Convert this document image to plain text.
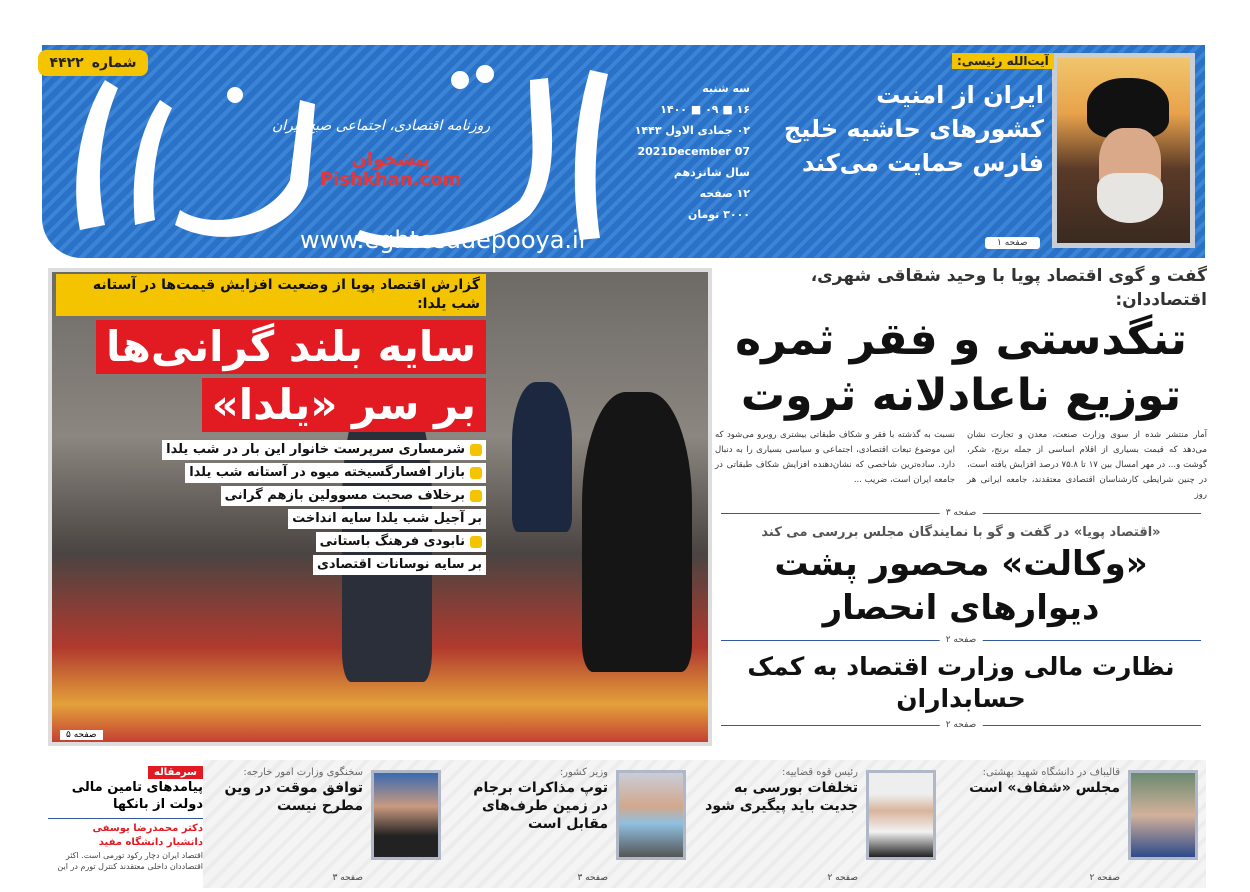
شماره
۴۴۲۲
روزنامه اقتصادی، اجتماعی صبح ایران
پیشخوان
Pishkhan.com
www.eghtesadepooya.ir
سه شنبه
۱۶ ■ ۰۹ ■ ۱۴۰۰
۰۲ جمادی الاول ۱۴۴۳
2021December 07
سال شانزدهم
۱۲ صفحه
۳۰۰۰ تومان
آیت‌الله رئیسی:
ایران از امنیت کشورهای حاشیه خلیج فارس حمایت می‌کند
صفحه ۱
گزارش اقتصاد پویا از وضعیت افزایش قیمت‌ها در آستانه شب یلدا:
سایه بلند گرانی‌ها
بر سر «یلدا»
شرمساری سرپرست خانوار این بار در شب یلدا
بازار افسارگسیخته میوه در آستانه شب یلدا
برخلاف صحبت مسوولین بازهم گرانی
بر آجیل شب یلدا سایه انداخت
نابودی فرهنگ باستانی
بر سایه نوسانات اقتصادی
صفحه ۵
گفت و گوی اقتصاد پویا با وحید شقاقی شهری، اقتصاددان:
تنگدستی و فقر ثمره توزیع ناعادلانه ثروت
آمار منتشر شده از سوی وزارت صنعت، معدن و تجارت نشان می‌دهد که قیمت بسیاری از اقلام اساسی از جمله برنج، شکر، گوشت و... در مهر امسال بین ۱۷ تا ۷۵.۸ درصد افزایش یافته است، در چنین شرایطی کارشناسان اقتصادی معتقدند، جامعه ایرانی هر روز
نسبت به گذشته با فقر و شکاف طبقاتی بیشتری روبرو می‌شود که این موضوع تبعات اقتصادی، اجتماعی و سیاسی بسیاری را به دنبال دارد. ساده‌ترین شاخصی که نشان‌دهنده افزایش شکاف طبقاتی در جامعه ایران است، ضریب ...
صفحه ۳
«اقتصاد پویا» در گفت و گو با نمایندگان مجلس بررسی می کند
«وکالت» محصور پشت دیوارهای انحصار
صفحه ۲
نظارت مالی وزارت اقتصاد به کمک حسابداران
صفحه ۲
قالیباف در دانشگاه شهید بهشتی:
مجلس «شفاف» است
صفحه ۲
رئیس قوه قضاییه:
تخلفات بورسی به جدیت باید پیگیری شود
صفحه ۲
وزیر کشور:
توپ مذاکرات برجام در زمین طرف‌های مقابل است
صفحه ۳
سخنگوی وزارت امور خارجه:
توافق موقت در وین مطرح نیست
صفحه ۳
سرمقاله
پیامدهای تامین مالی دولت از بانکها
دکتر محمدرضا یوسفی
دانشیار دانشگاه مفید
اقتصاد ایران دچار رکود تورمی است. اکثر اقتصاددان داخلی معتقدند کنترل تورم در این
